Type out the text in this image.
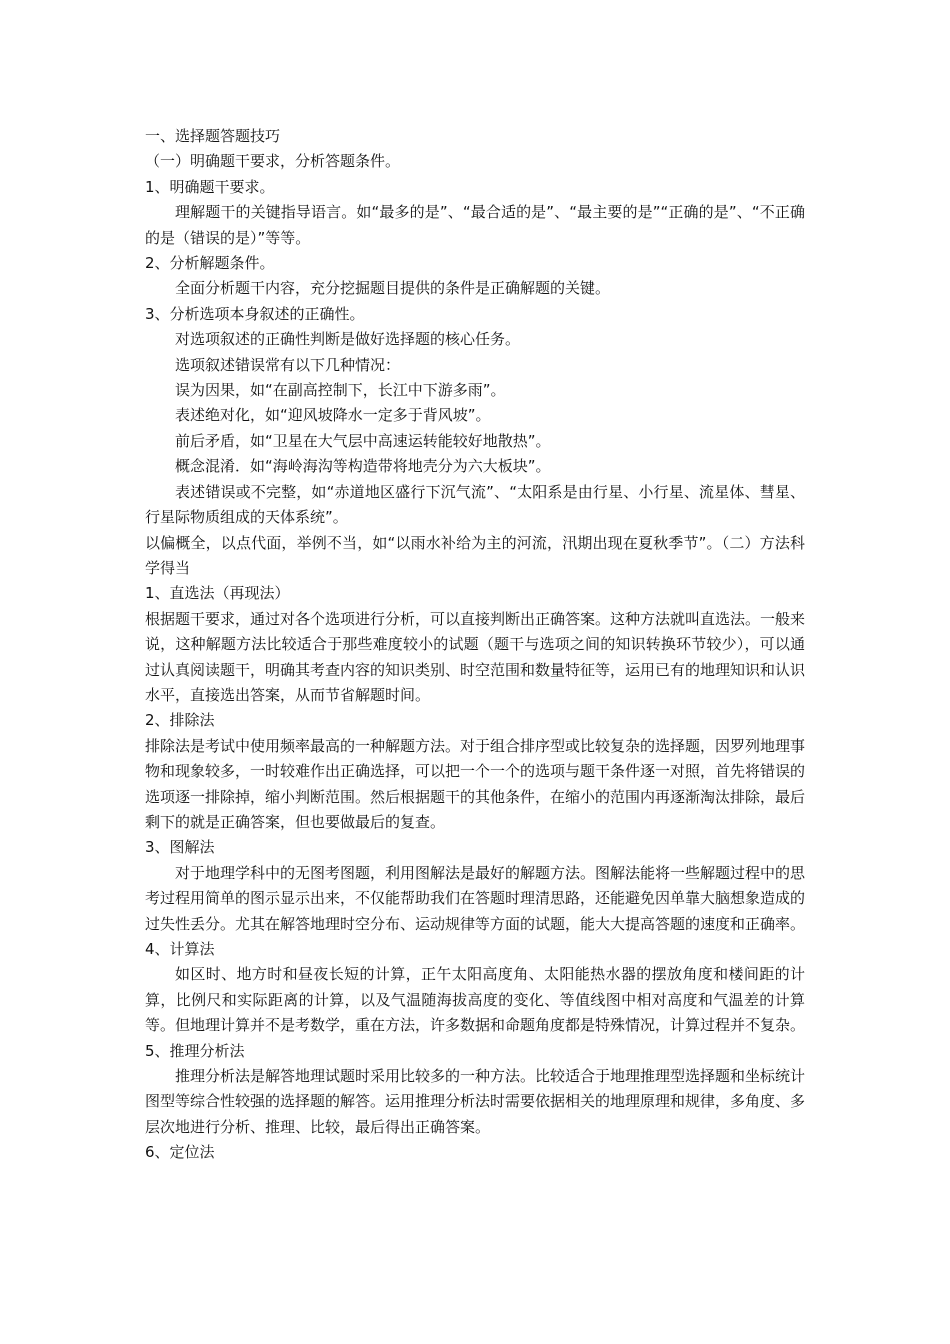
一、选择题答题技巧

（一）明确题干要求，分析答题条件。

1、明确题干要求。

理解题干的关键指导语言。如“最多的是”、“最合适的是”、“最主要的是”“正确的是”、“不正确的是（错误的是）”等等。

2、分析解题条件。

全面分析题干内容，充分挖掘题目提供的条件是正确解题的关键。

3、分析选项本身叙述的正确性。

对选项叙述的正确性判断是做好选择题的核心任务。

选项叙述错误常有以下几种情况：

误为因果，如“在副高控制下，长江中下游多雨”。

表述绝对化，如“迎风坡降水一定多于背风坡”。

前后矛盾，如“卫星在大气层中高速运转能较好地散热”。

概念混淆．如“海岭海沟等构造带将地壳分为六大板块”。

表述错误或不完整，如“赤道地区盛行下沉气流”、“太阳系是由行星、小行星、流星体、彗星、行星际物质组成的天体系统”。

以偏概全，以点代面，举例不当，如“以雨水补给为主的河流，汛期出现在夏秋季节”。（二）方法科学得当

1、直选法（再现法）

根据题干要求，通过对各个选项进行分析，可以直接判断出正确答案。这种方法就叫直选法。一般来说，这种解题方法比较适合于那些难度较小的试题（题干与选项之间的知识转换环节较少），可以通过认真阅读题干，明确其考查内容的知识类别、时空范围和数量特征等，运用已有的地理知识和认识水平，直接选出答案，从而节省解题时间。

2、排除法

排除法是考试中使用频率最高的一种解题方法。对于组合排序型或比较复杂的选择题，因罗列地理事物和现象较多，一时较难作出正确选择，可以把一个一个的选项与题干条件逐一对照，首先将错误的选项逐一排除掉，缩小判断范围。然后根据题干的其他条件，在缩小的范围内再逐渐淘汰排除，最后剩下的就是正确答案，但也要做最后的复查。

3、图解法

对于地理学科中的无图考图题，利用图解法是最好的解题方法。图解法能将一些解题过程中的思考过程用简单的图示显示出来，不仅能帮助我们在答题时理清思路，还能避免因单靠大脑想象造成的过失性丢分。尤其在解答地理时空分布、运动规律等方面的试题，能大大提高答题的速度和正确率。

4、计算法

如区时、地方时和昼夜长短的计算，正午太阳高度角、太阳能热水器的摆放角度和楼间距的计算，比例尺和实际距离的计算，以及气温随海拔高度的变化、等值线图中相对高度和气温差的计算等。但地理计算并不是考数学，重在方法，许多数据和命题角度都是特殊情况，计算过程并不复杂。

5、推理分析法

推理分析法是解答地理试题时采用比较多的一种方法。比较适合于地理推理型选择题和坐标统计图型等综合性较强的选择题的解答。运用推理分析法时需要依据相关的地理原理和规律，多角度、多层次地进行分析、推理、比较，最后得出正确答案。

6、定位法
